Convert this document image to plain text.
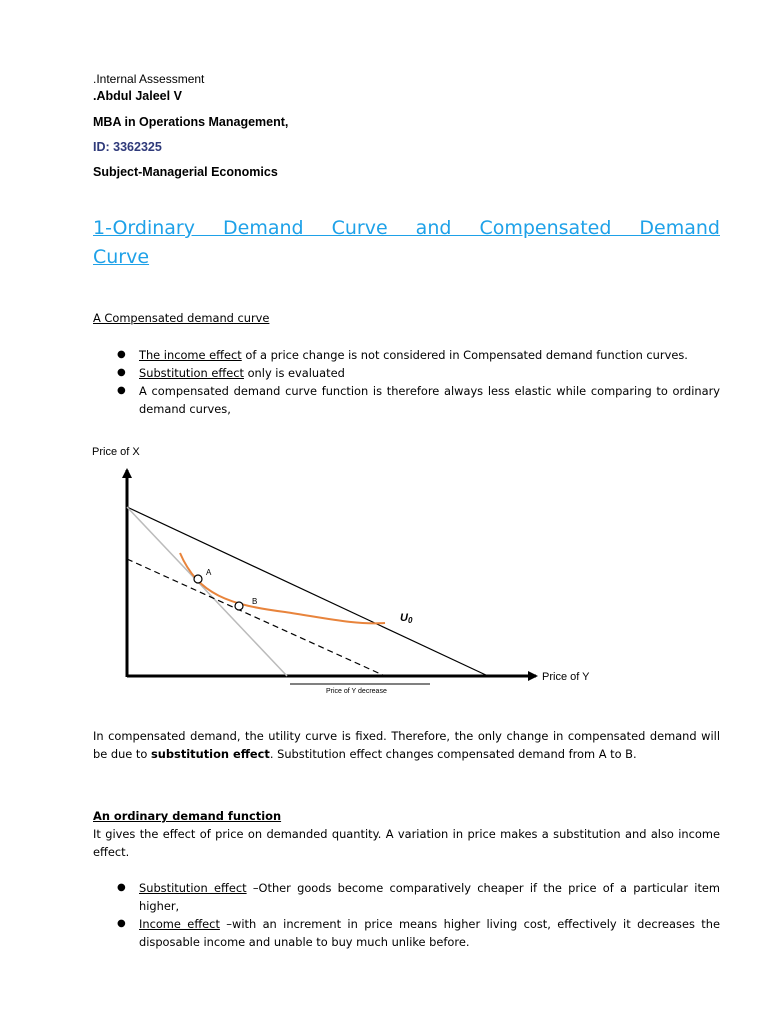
.Internal Assessment
.Abdul Jaleel V
MBA in Operations Management,
ID: 3362325
Subject-Managerial Economics
1-Ordinary Demand Curve and Compensated Demand
Curve
A Compensated demand curve
● The income effect of a price change is not considered in Compensated demand function curves.
● Substitution effect only is evaluated
● A compensated demand curve function is therefore always less elastic while comparing to ordinary demand curves,
Price of X
Price of Y
A
B
U0
Price of Y decrease
In compensated demand, the utility curve is fixed. Therefore, the only change in compensated demand will be due to substitution effect. Substitution effect changes compensated demand from A to B.
An ordinary demand function
It gives the effect of price on demanded quantity. A variation in price makes a substitution and also income effect.
● Substitution effect –Other goods become comparatively cheaper if the price of a particular item higher,
● Income effect –with an increment in price means higher living cost, effectively it decreases the disposable income and unable to buy much unlike before.
